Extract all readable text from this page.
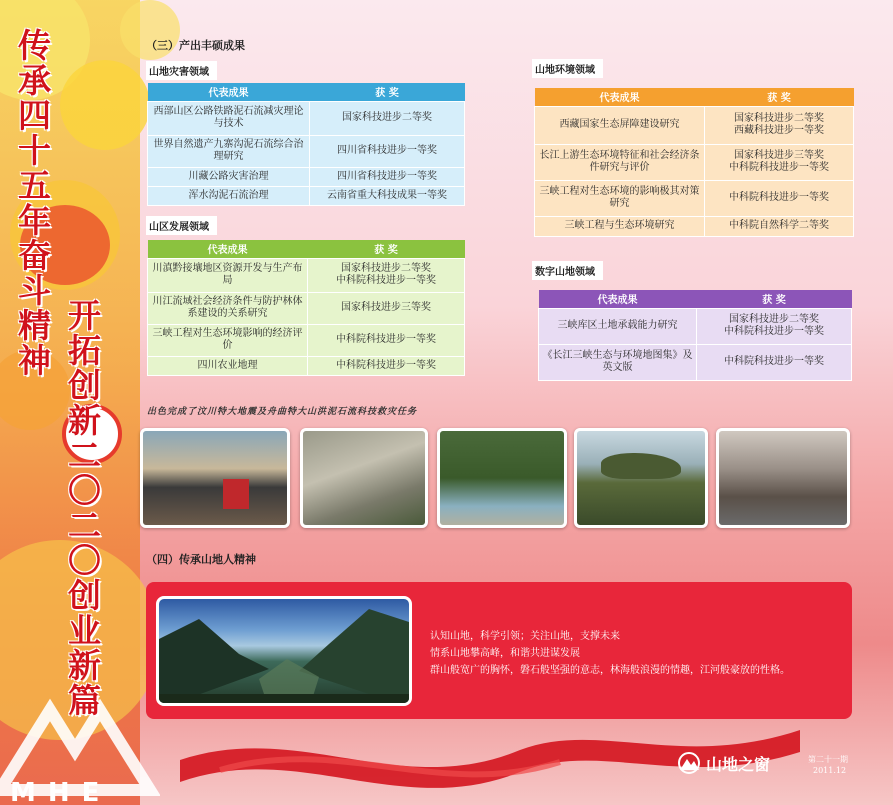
MHE
传承四十五年奋斗精神
开拓创新二〇二〇创业新篇
（三）产出丰硕成果
山地灾害领域
代表成果	获 奖
西部山区公路铁路泥石流减灾理论与技术	国家科技进步二等奖
世界自然遗产九寨沟泥石流综合治理研究	四川省科技进步一等奖
川藏公路灾害治理	四川省科技进步一等奖
浑水沟泥石流治理	云南省重大科技成果一等奖
山区发展领域
代表成果	获 奖
川滇黔接壤地区资源开发与生产布局	国家科技进步二等奖
中科院科技进步一等奖
川江流域社会经济条件与防护林体系建设的关系研究	国家科技进步三等奖
三峡工程对生态环境影响的经济评价	中科院科技进步一等奖
四川农业地理	中科院科技进步一等奖
山地环境领域
代表成果	获 奖
西藏国家生态屏障建设研究	国家科技进步二等奖
西藏科技进步一等奖
长江上游生态环境特征和社会经济条件研究与评价	国家科技进步三等奖
中科院科技进步一等奖
三峡工程对生态环境的影响极其对策研究	中科院科技进步一等奖
三峡工程与生态环境研究	中科院自然科学二等奖
数字山地领域
代表成果	获 奖
三峡库区土地承载能力研究	国家科技进步二等奖
中科院科技进步一等奖
《长江三峡生态与环境地图集》及英文版	中科院科技进步一等奖
出色完成了汶川特大地震及舟曲特大山洪泥石流科技救灾任务
（四）传承山地人精神
认知山地，科学引领；关注山地，支撑未来
情系山地攀高峰，和谐共进谋发展
群山般宽广的胸怀，磐石般坚强的意志，林海般浪漫的情趣，江河般豪放的性格。
山地之窗	第二十一期
2011.12
